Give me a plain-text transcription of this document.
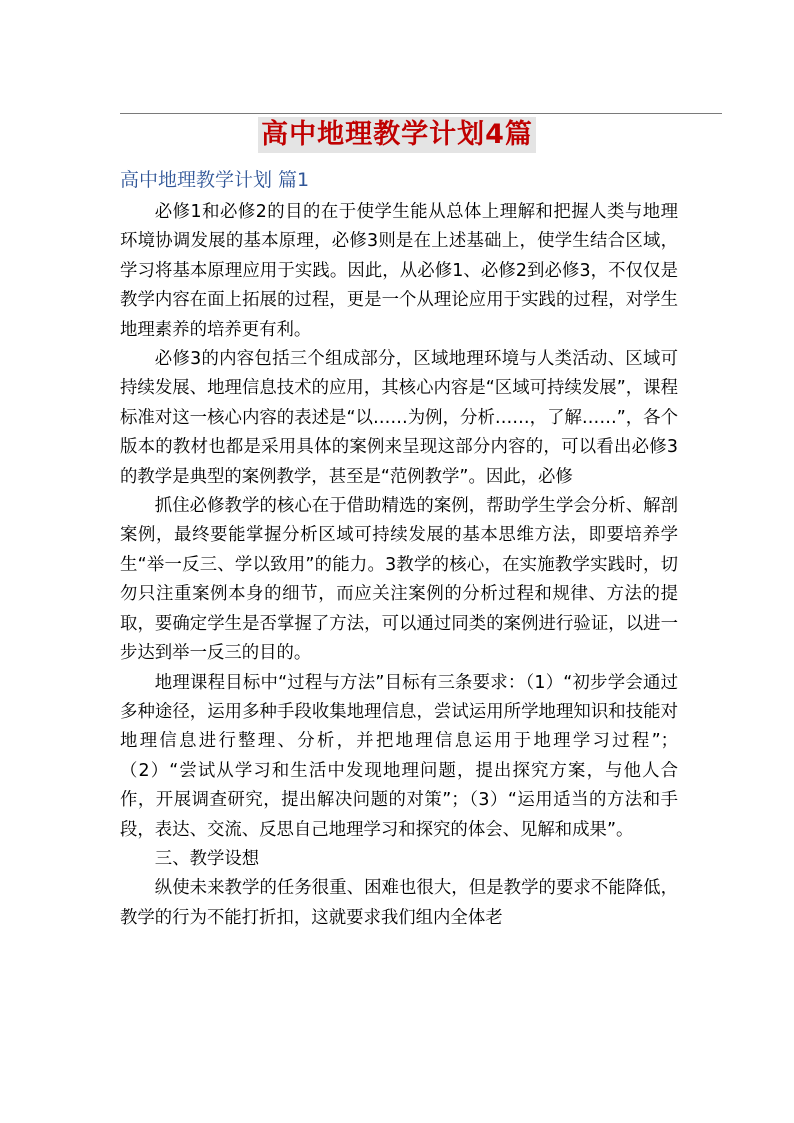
高中地理教学计划4篇
高中地理教学计划 篇1

必修1和必修2的目的在于使学生能从总体上理解和把握人类与地理环境协调发展的基本原理，必修3则是在上述基础上，使学生结合区域，学习将基本原理应用于实践。因此，从必修1、必修2到必修3，不仅仅是教学内容在面上拓展的过程，更是一个从理论应用于实践的过程，对学生地理素养的培养更有利。

必修3的内容包括三个组成部分，区域地理环境与人类活动、区域可持续发展、地理信息技术的应用，其核心内容是“区域可持续发展”，课程标准对这一核心内容的表述是“以……为例，分析……，了解……”，各个版本的教材也都是采用具体的案例来呈现这部分内容的，可以看出必修3的教学是典型的案例教学，甚至是“范例教学”。因此，必修

抓住必修教学的核心在于借助精选的案例，帮助学生学会分析、解剖案例，最终要能掌握分析区域可持续发展的基本思维方法，即要培养学生“举一反三、学以致用”的能力。3教学的核心，在实施教学实践时，切勿只注重案例本身的细节，而应关注案例的分析过程和规律、方法的提取，要确定学生是否掌握了方法，可以通过同类的案例进行验证，以进一步达到举一反三的目的。

地理课程目标中“过程与方法”目标有三条要求：（1）“初步学会通过多种途径，运用多种手段收集地理信息，尝试运用所学地理知识和技能对地理信息进行整理、分析，并把地理信息运用于地理学习过程”；（2）“尝试从学习和生活中发现地理问题，提出探究方案，与他人合作，开展调查研究，提出解决问题的对策”；（3）“运用适当的方法和手段，表达、交流、反思自己地理学习和探究的体会、见解和成果”。

三、教学设想

纵使未来教学的任务很重、困难也很大，但是教学的要求不能降低，教学的行为不能打折扣，这就要求我们组内全体老
